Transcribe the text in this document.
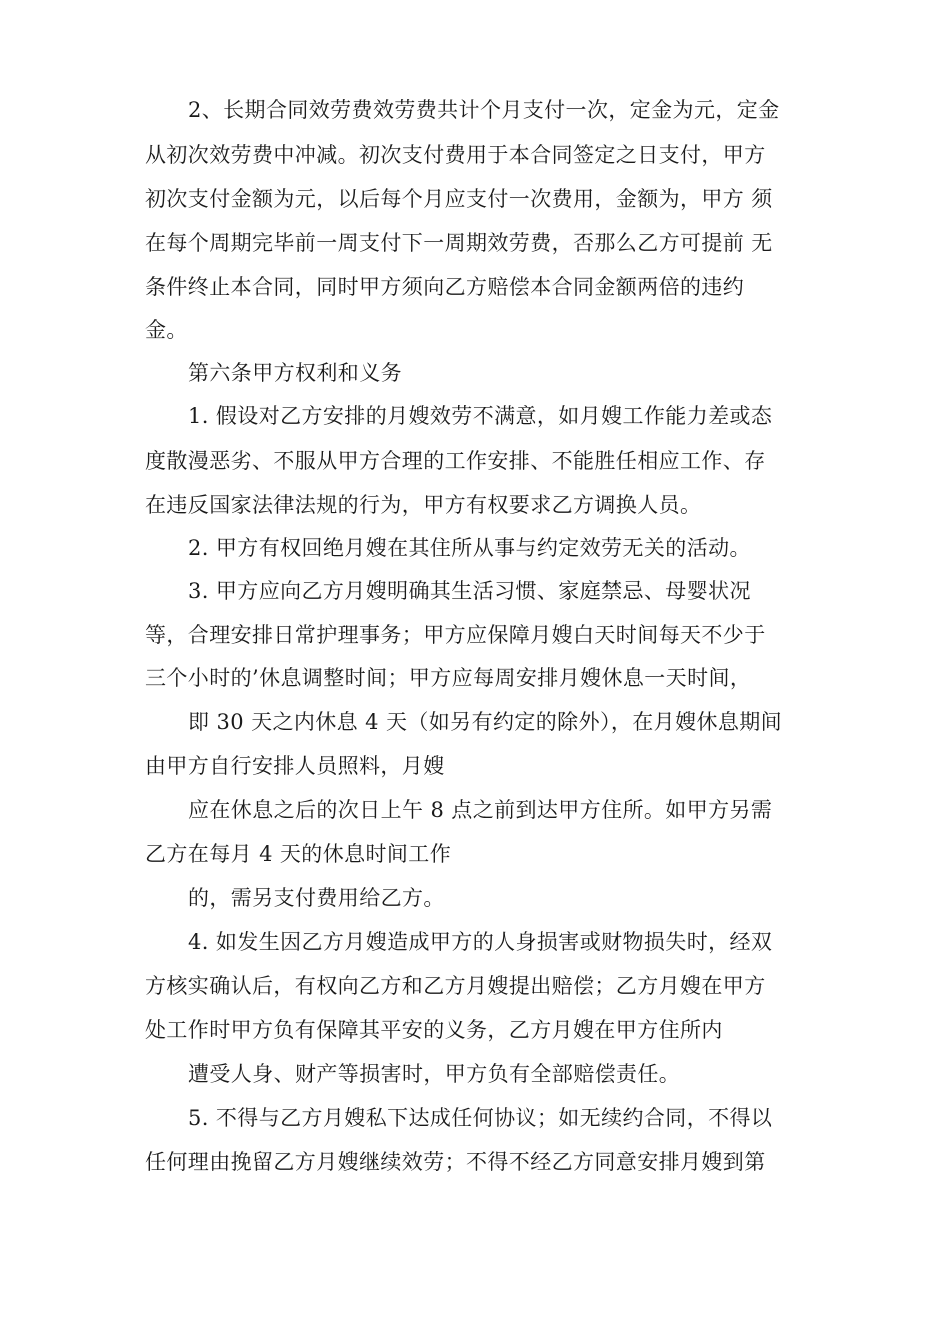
2、长期合同效劳费效劳费共计个月支付一次，定金为元，定金
从初次效劳费中冲减。初次支付费用于本合同签定之日支付，甲方
初次支付金额为元，以后每个月应支付一次费用，金额为，甲方 须
在每个周期完毕前一周支付下一周期效劳费，否那么乙方可提前 无
条件终止本合同，同时甲方须向乙方赔偿本合同金额两倍的违约
金。
第六条甲方权利和义务
1. 假设对乙方安排的月嫂效劳不满意，如月嫂工作能力差或态
度散漫恶劣、不服从甲方合理的工作安排、不能胜任相应工作、存
在违反国家法律法规的行为，甲方有权要求乙方调换人员。
2. 甲方有权回绝月嫂在其住所从事与约定效劳无关的活动。
3. 甲方应向乙方月嫂明确其生活习惯、家庭禁忌、母婴状况
等，合理安排日常护理事务；甲方应保障月嫂白天时间每天不少于
三个小时的’休息调整时间；甲方应每周安排月嫂休息一天时间，
即 30 天之内休息 4 天（如另有约定的除外），在月嫂休息期间
由甲方自行安排人员照料，月嫂
应在休息之后的次日上午 8 点之前到达甲方住所。如甲方另需
乙方在每月 4 天的休息时间工作
的，需另支付费用给乙方。
4. 如发生因乙方月嫂造成甲方的人身损害或财物损失时，经双
方核实确认后，有权向乙方和乙方月嫂提出赔偿；乙方月嫂在甲方
处工作时甲方负有保障其平安的义务，乙方月嫂在甲方住所内
遭受人身、财产等损害时，甲方负有全部赔偿责任。
5. 不得与乙方月嫂私下达成任何协议；如无续约合同，不得以
任何理由挽留乙方月嫂继续效劳；不得不经乙方同意安排月嫂到第
